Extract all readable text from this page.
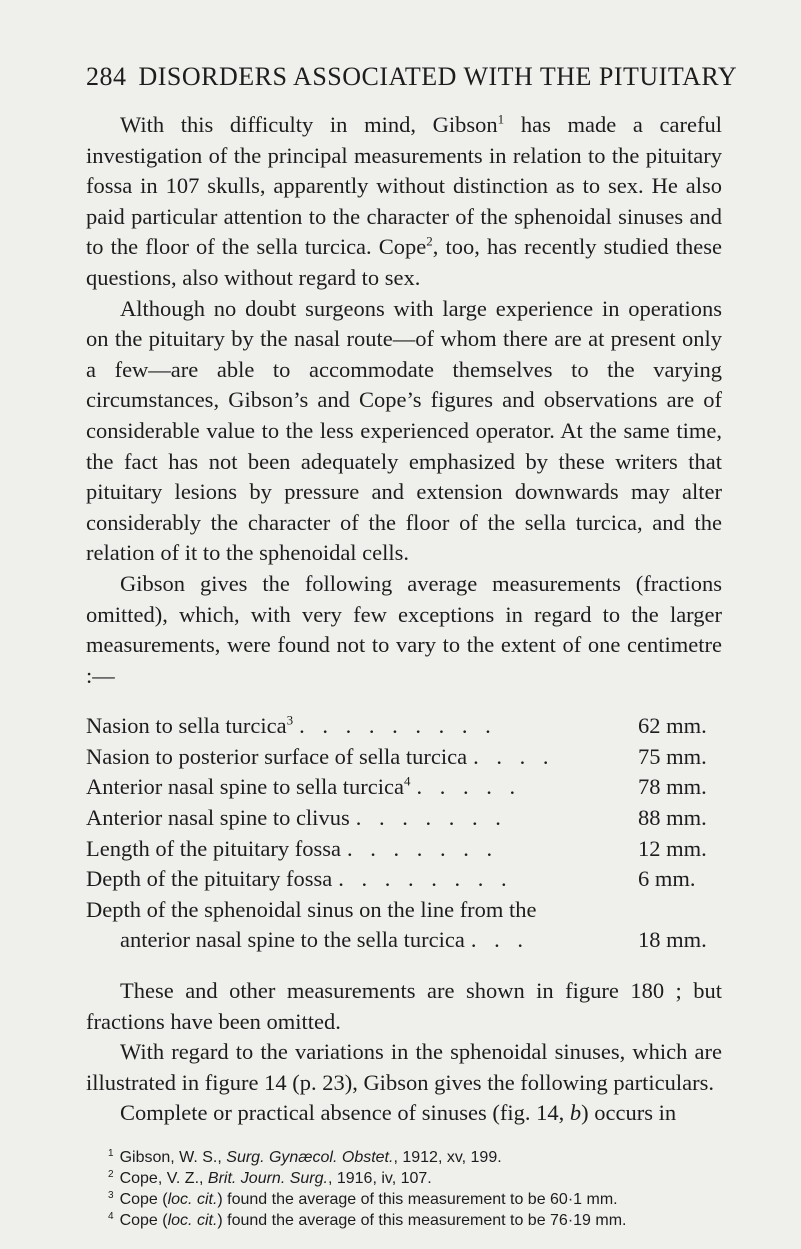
284 DISORDERS ASSOCIATED WITH THE PITUITARY

With this difficulty in mind, Gibson$^1$ has made a careful investigation of the principal measurements in relation to the pituitary fossa in 107 skulls, apparently without distinction as to sex. He also paid particular attention to the character of the sphenoidal sinuses and to the floor of the sella turcica. Cope$^2$, too, has recently studied these questions, also without regard to sex.

Although no doubt surgeons with large experience in operations on the pituitary by the nasal route—of whom there are at present only a few—are able to accommodate themselves to the varying circumstances, Gibson’s and Cope’s figures and observations are of considerable value to the less experienced operator. At the same time, the fact has not been adequately emphasized by these writers that pituitary lesions by pressure and extension downwards may alter considerably the character of the floor of the sella turcica, and the relation of it to the sphenoidal cells.

Gibson gives the following average measurements (fractions omitted), which, with very few exceptions in regard to the larger measurements, were found not to vary to the extent of one centimetre :—

Nasion to sella turcica$^3$ . . . . . . . . .	62 mm.
Nasion to posterior surface of sella turcica . . . .	75 mm.
Anterior nasal spine to sella turcica$^4$ . . . . .	78 mm.
Anterior nasal spine to clivus . . . . . . .	88 mm.
Length of the pituitary fossa . . . . . . .	12 mm.
Depth of the pituitary fossa . . . . . . . .	6 mm.
Depth of the sphenoidal sinus on the line from the
anterior nasal spine to the sella turcica . . .	18 mm.

These and other measurements are shown in figure 180 ; but fractions have been omitted.

With regard to the variations in the sphenoidal sinuses, which are illustrated in figure 14 (p. 23), Gibson gives the following particulars.

Complete or practical absence of sinuses (fig. 14, b) occurs in

$^1$ Gibson, W. S., Surg. Gynæcol. Obstet., 1912, xv, 199.
$^2$ Cope, V. Z., Brit. Journ. Surg., 1916, iv, 107.
$^3$ Cope (loc. cit.) found the average of this measurement to be 60·1 mm.
$^4$ Cope (loc. cit.) found the average of this measurement to be 76·19 mm.
